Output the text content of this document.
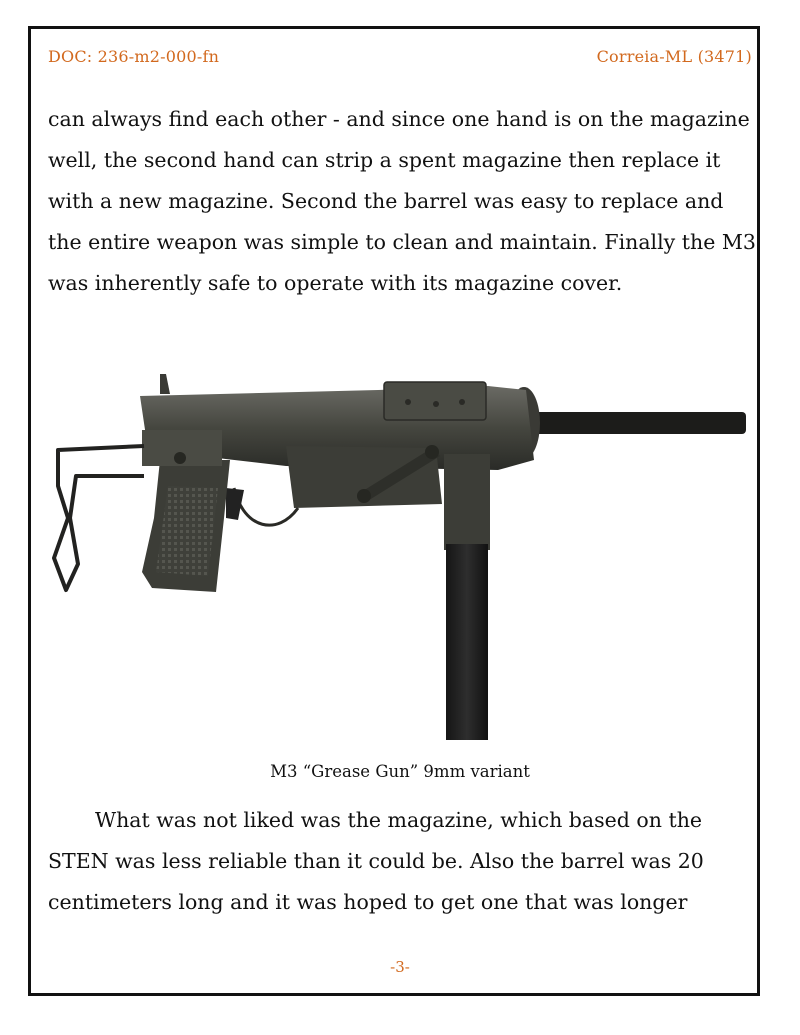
DOC: 236-m2-000-fn	Correia-ML (3471)

can always find each other - and since one hand is on the magazine well, the second hand can strip a spent magazine then replace it with a new magazine. Second the barrel was easy to replace and the entire weapon was simple to clean and maintain. Finally the M3 was inherently safe to operate with its magazine cover.

M3 “Grease Gun” 9mm variant

What was not liked was the magazine, which based on the STEN was less reliable than it could be. Also the barrel was 20 centimeters long and it was hoped to get one that was longer

-3-
